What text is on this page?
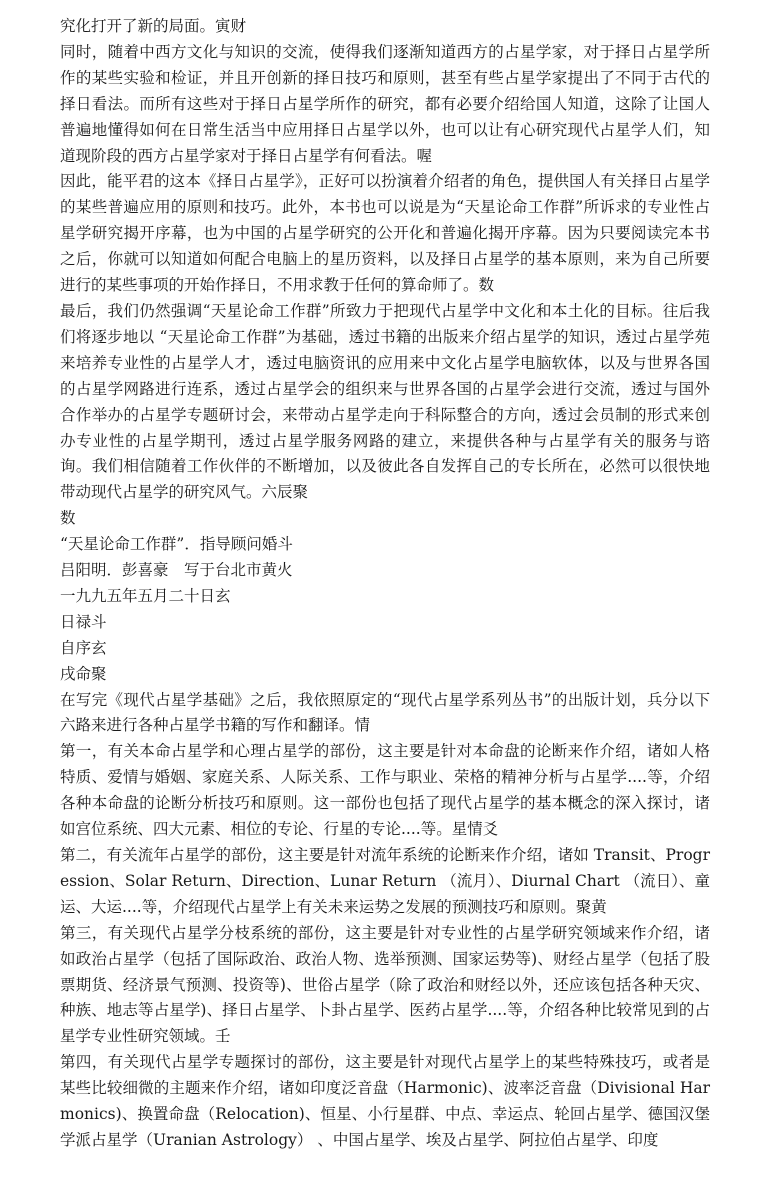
究化打开了新的局面。寅财

同时，随着中西方文化与知识的交流，使得我们逐渐知道西方的占星学家，对于择日占星学所作的某些实验和检证，并且开创新的择日技巧和原则，甚至有些占星学家提出了不同于古代的择日看法。而所有这些对于择日占星学所作的研究，都有必要介绍给国人知道，这除了让国人普遍地懂得如何在日常生活当中应用择日占星学以外，也可以让有心研究现代占星学人们，知道现阶段的西方占星学家对于择日占星学有何看法。喔

因此，能平君的这本《择日占星学》，正好可以扮演着介绍者的角色，提供国人有关择日占星学的某些普遍应用的原则和技巧。此外，本书也可以说是为“天星论命工作群”所诉求的专业性占星学研究揭开序幕，也为中国的占星学研究的公开化和普遍化揭开序幕。因为只要阅读完本书之后，你就可以知道如何配合电脑上的星历资料，以及择日占星学的基本原则，来为自己所要进行的某些事项的开始作择日，不用求教于任何的算命师了。数

最后，我们仍然强调“天星论命工作群”所致力于把现代占星学中文化和本土化的目标。往后我们将逐步地以 “天星论命工作群”为基础，透过书籍的出版来介绍占星学的知识，透过占星学苑来培养专业性的占星学人才，透过电脑资讯的应用来中文化占星学电脑软体，以及与世界各国的占星学网路进行连系，透过占星学会的组织来与世界各国的占星学会进行交流，透过与国外合作举办的占星学专题研讨会，来带动占星学走向于科际整合的方向，透过会员制的形式来创办专业性的占星学期刊，透过占星学服务网路的建立，来提供各种与占星学有关的服务与谘询。我们相信随着工作伙伴的不断增加，以及彼此各自发挥自己的专长所在，必然可以很快地带动现代占星学的研究风气。六辰聚

数

“天星论命工作群”．指导顾问婚斗

吕阳明．彭喜豪　写于台北市黄火

一九九五年五月二十日玄

日禄斗

自序玄

戌命聚

在写完《现代占星学基础》之后，我依照原定的“现代占星学系列丛书”的出版计划，兵分以下六路来进行各种占星学书籍的写作和翻译。情

第一，有关本命占星学和心理占星学的部份，这主要是针对本命盘的论断来作介绍，诸如人格特质、爱情与婚姻、家庭关系、人际关系、工作与职业、荣格的精神分析与占星学....等，介绍各种本命盘的论断分析技巧和原则。这一部份也包括了现代占星学的基本概念的深入探讨，诸如宫位系统、四大元素、相位的专论、行星的专论....等。星情爻

第二，有关流年占星学的部份，这主要是针对流年系统的论断来作介绍，诸如 Transit、Progression、Solar Return、Direction、Lunar Return （流月）、Diurnal Chart （流日）、童运、大运....等，介绍现代占星学上有关未来运势之发展的预测技巧和原则。聚黄

第三，有关现代占星学分枝系统的部份，这主要是针对专业性的占星学研究领域来作介绍，诸如政治占星学（包括了国际政治、政治人物、选举预测、国家运势等)、财经占星学（包括了股票期货、经济景气预测、投资等)、世俗占星学（除了政治和财经以外，还应该包括各种天灾、种族、地志等占星学)、择日占星学、卜卦占星学、医药占星学....等，介绍各种比较常见到的占星学专业性研究领域。壬

第四，有关现代占星学专题探讨的部份，这主要是针对现代占星学上的某些特殊技巧，或者是某些比较细微的主题来作介绍，诸如印度泛音盘（Harmonic)、波率泛音盘（Divisional Harmonics)、换置命盘（Relocation)、恒星、小行星群、中点、幸运点、轮回占星学、德国汉堡学派占星学（Uranian Astrology） 、中国占星学、埃及占星学、阿拉伯占星学、印度
